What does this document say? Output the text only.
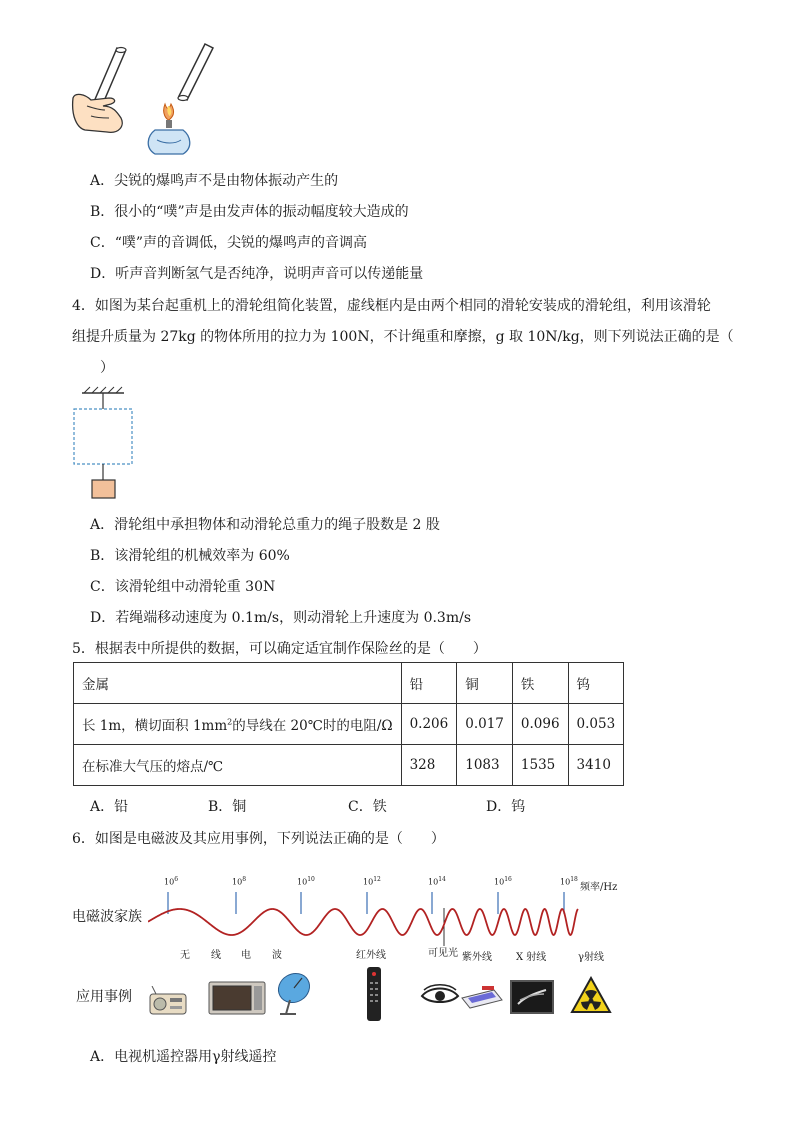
A．尖锐的爆鸣声不是由物体振动产生的
B．很小的“噗”声是由发声体的振动幅度较大造成的
C．“噗”声的音调低，尖锐的爆鸣声的音调高
D．听声音判断氢气是否纯净，说明声音可以传递能量
4．如图为某台起重机上的滑轮组简化装置，虚线框内是由两个相同的滑轮安装成的滑轮组，利用该滑轮
组提升质量为 27kg 的物体所用的拉力为 100N，不计绳重和摩擦，g 取 10N/kg，则下列说法正确的是（
）
A．滑轮组中承担物体和动滑轮总重力的绳子股数是 2 股
B．该滑轮组的机械效率为 60%
C．该滑轮组中动滑轮重 30N
D．若绳端移动速度为 0.1m/s，则动滑轮上升速度为 0.3m/s
5．根据表中所提供的数据，可以确定适宜制作保险丝的是（　　）
金属	铅	铜	铁	钨
长 1m，横切面积 $1mm^2$的导线在 20℃时的电阻/Ω	0.206	0.017	0.096	0.053
在标准大气压的熔点/℃	328	1083	1535	3410
A．铅	B．铜	C．铁	D．钨
6．如图是电磁波及其应用事例，下列说法正确的是（　　）
电磁波家族
应用事例
$10^6$	$10^8$	$10^{10}$	$10^{12}$	$10^{14}$	$10^{16}$	$10^{18}$
频率/Hz
无 线 电 波	红外线	可见光 紫外线 X 射线	γ射线
A．电视机遥控器用γ射线遥控
